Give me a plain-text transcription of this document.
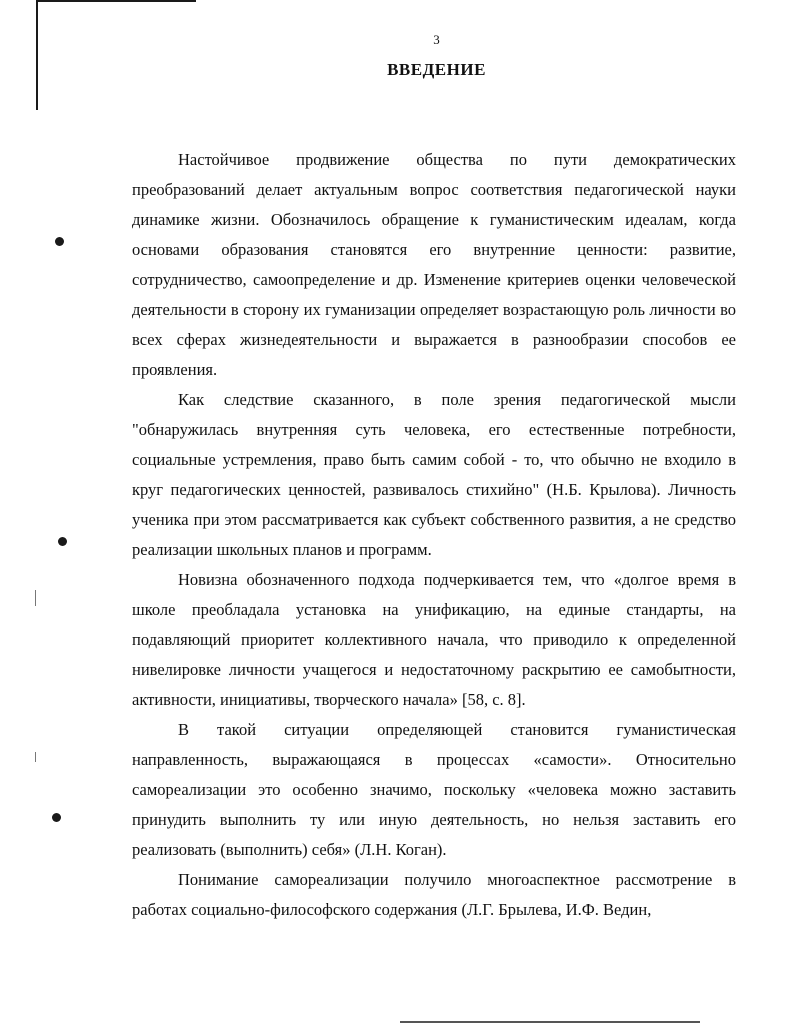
3
ВВЕДЕНИЕ

Настойчивое продвижение общества по пути демократических преобразований делает актуальным вопрос соответствия педагогической науки динамике жизни. Обозначилось обращение к гуманистическим идеалам, когда основами образования становятся его внутренние ценности: развитие, сотрудничество, самоопределение и др. Изменение критериев оценки человеческой деятельности в сторону их гуманизации определяет возрастающую роль личности во всех сферах жизнедеятельности и выражается в разнообразии способов ее проявления.

Как следствие сказанного, в поле зрения педагогической мысли "обнаружилась внутренняя суть человека, его естественные потребности, социальные устремления, право быть самим собой - то, что обычно не входило в круг педагогических ценностей, развивалось стихийно" (Н.Б. Крылова). Личность ученика при этом рассматривается как субъект собственного развития, а не средство реализации школьных планов и программ.

Новизна обозначенного подхода подчеркивается тем, что «долгое время в школе преобладала установка на унификацию, на единые стандарты, на подавляющий приоритет коллективного начала, что приводило к определенной нивелировке личности учащегося и недостаточному раскрытию ее самобытности, активности, инициативы, творческого начала» [58, с. 8].

В такой ситуации определяющей становится гуманистическая направленность, выражающаяся в процессах «самости». Относительно самореализации это особенно значимо, поскольку «человека можно заставить принудить выполнить ту или иную деятельность, но нельзя заставить его реализовать (выполнить) себя» (Л.Н. Коган).

Понимание самореализации получило многоаспектное рассмотрение в работах социально-философского содержания (Л.Г. Брылева, И.Ф. Ведин,
